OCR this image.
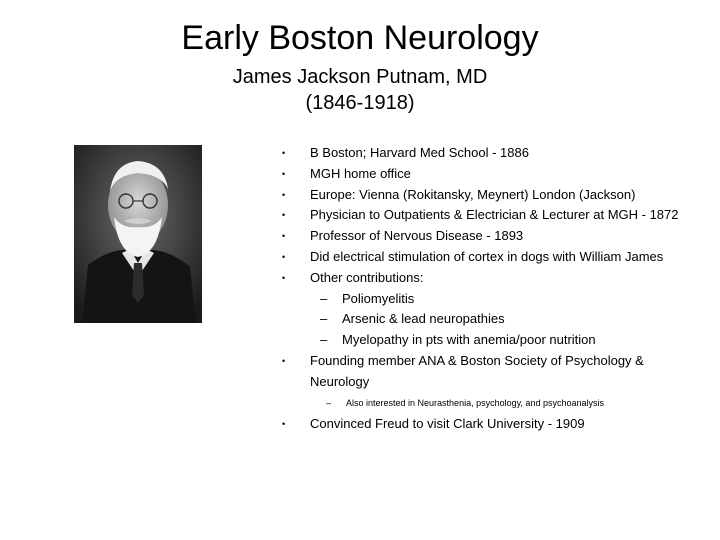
Early Boston Neurology
James Jackson Putnam, MD
(1846-1918)
• B Boston; Harvard Med School - 1886
• MGH home office
• Europe: Vienna (Rokitansky, Meynert) London (Jackson)
• Physician to Outpatients & Electrician & Lecturer at MGH - 1872
• Professor of Nervous Disease - 1893
• Did electrical stimulation of cortex in dogs with William James
• Other contributions:
– Poliomyelitis
– Arsenic & lead neuropathies
– Myelopathy in pts with anemia/poor nutrition
• Founding member ANA & Boston Society of Psychology & Neurology
– Also interested in Neurasthenia, psychology, and psychoanalysis
• Convinced Freud to visit Clark University - 1909
